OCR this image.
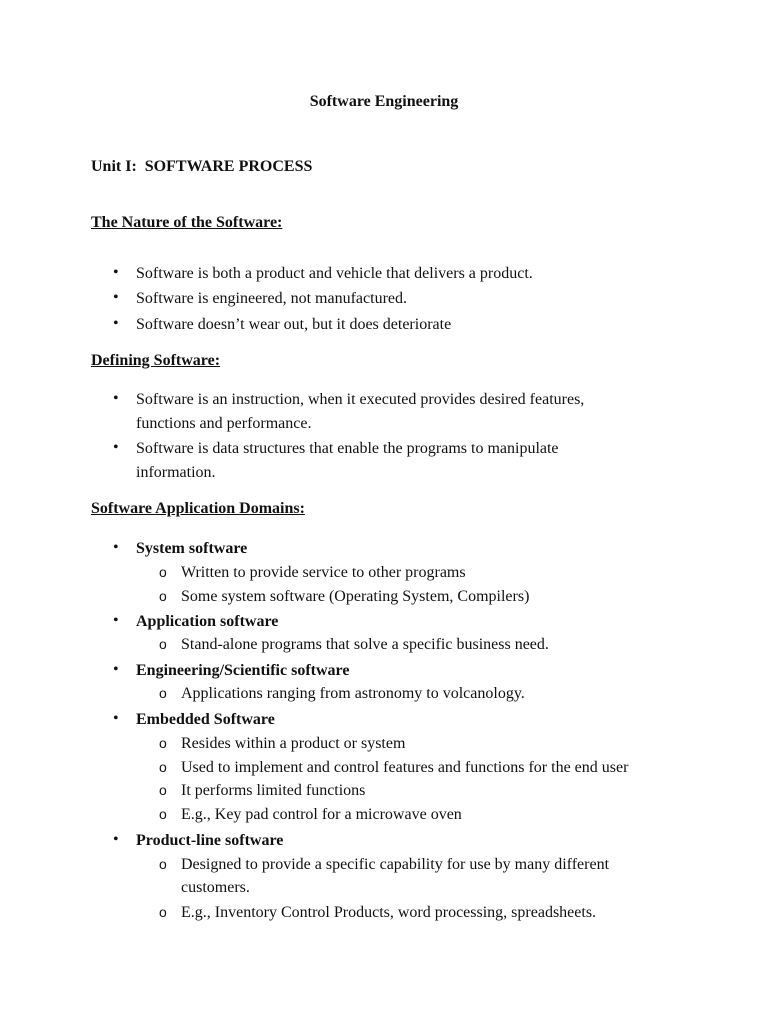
Software Engineering
Unit I:  SOFTWARE PROCESS
The Nature of the Software:
• Software is both a product and vehicle that delivers a product.
• Software is engineered, not manufactured.
• Software doesn’t wear out, but it does deteriorate
Defining Software:
• Software is an instruction, when it executed provides desired features,
functions and performance.
• Software is data structures that enable the programs to manipulate
information.
Software Application Domains:
• System software
o Written to provide service to other programs
o Some system software (Operating System, Compilers)
• Application software
o Stand-alone programs that solve a specific business need.
• Engineering/Scientific software
o Applications ranging from astronomy to volcanology.
• Embedded Software
o Resides within a product or system
o Used to implement and control features and functions for the end user
o It performs limited functions
o E.g., Key pad control for a microwave oven
• Product-line software
o Designed to provide a specific capability for use by many different
customers.
o E.g., Inventory Control Products, word processing, spreadsheets.
